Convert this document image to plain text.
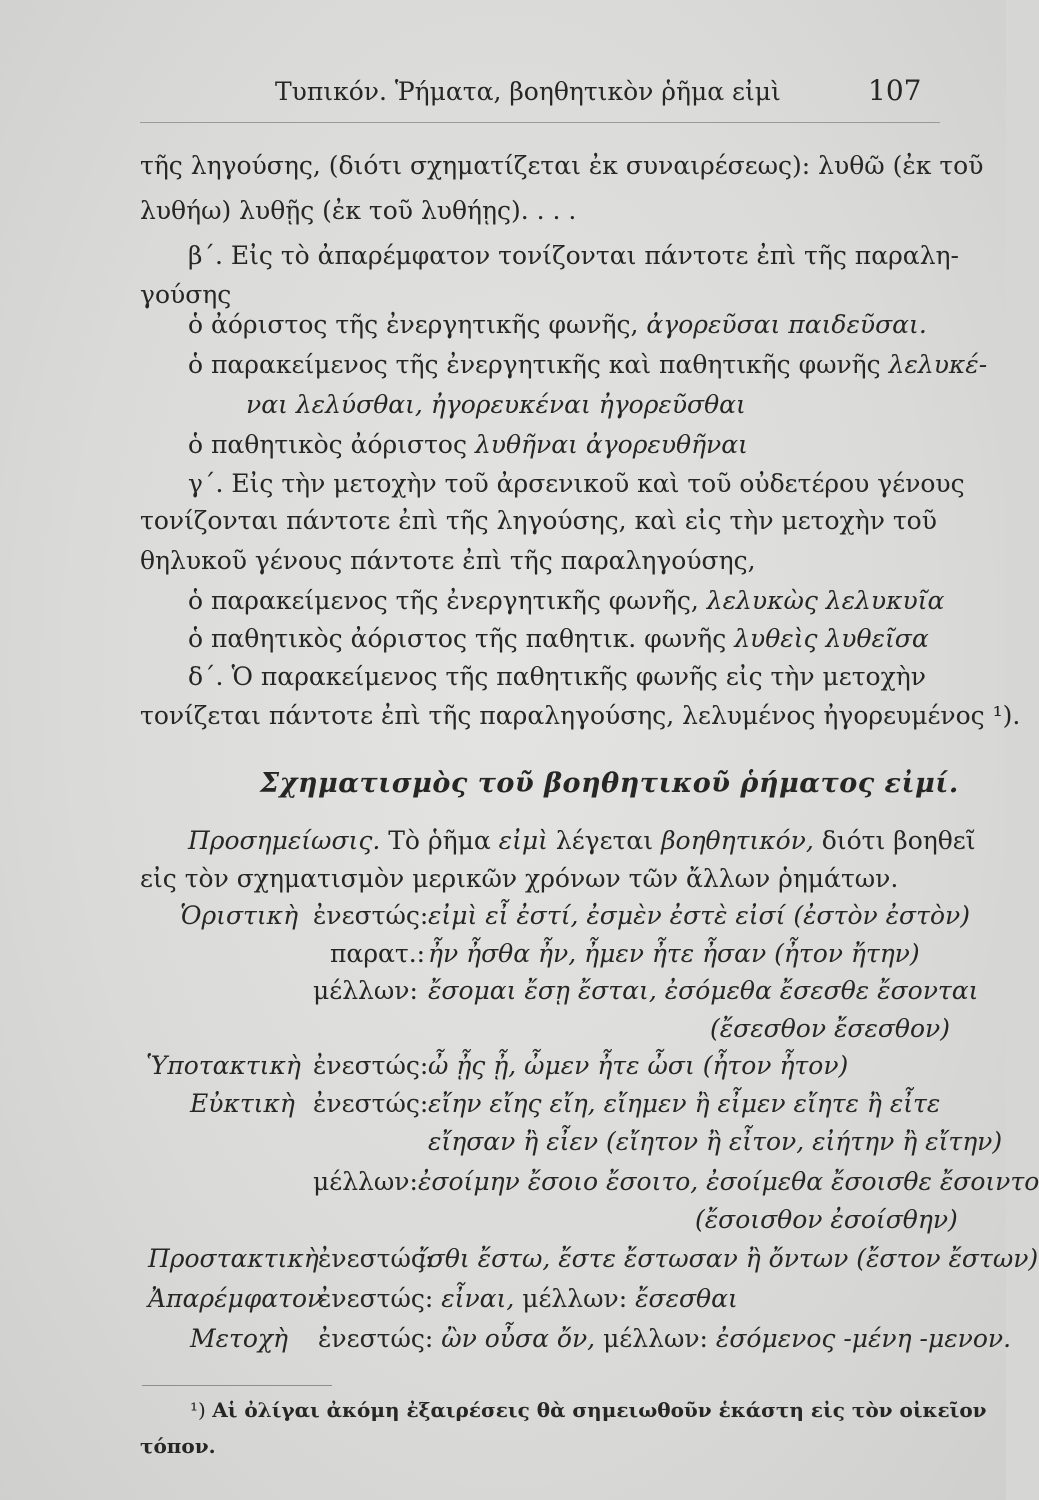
Τυπικόν. Ῥήματα, βοηθητικὸν ῥῆμα εἰμὶ	107
τῆς ληγούσης, (διότι σχηματίζεται ἐκ συναιρέσεως): λυθῶ (ἐκ τοῦ
λυθήω) λυθῇς (ἐκ τοῦ λυθήῃς). . . .
β΄. Εἰς τὸ ἀπαρέμφατον τονίζονται πάντοτε ἐπὶ τῆς παραλη-
γούσης
ὁ ἀόριστος τῆς ἐνεργητικῆς φωνῆς, ἀγορεῦσαι παιδεῦσαι.
ὁ παρακείμενος τῆς ἐνεργητικῆς καὶ παθητικῆς φωνῆς λελυκέ-
ναι λελύσθαι, ἠγορευκέναι ἠγορεῦσθαι
ὁ παθητικὸς ἀόριστος λυθῆναι ἀγορευθῆναι
γ΄. Εἰς τὴν μετοχὴν τοῦ ἀρσενικοῦ καὶ τοῦ οὐδετέρου γένους
τονίζονται πάντοτε ἐπὶ τῆς ληγούσης, καὶ εἰς τὴν μετοχὴν τοῦ
θηλυκοῦ γένους πάντοτε ἐπὶ τῆς παραληγούσης,
ὁ παρακείμενος τῆς ἐνεργητικῆς φωνῆς, λελυκὼς λελυκυῖα
ὁ παθητικὸς ἀόριστος τῆς παθητικ. φωνῆς λυθεὶς λυθεῖσα
δ΄. Ὁ παρακείμενος τῆς παθητικῆς φωνῆς εἰς τὴν μετοχὴν
τονίζεται πάντοτε ἐπὶ τῆς παραληγούσης, λελυμένος ἠγορευμένος ¹).
Σχηματισμὸς τοῦ βοηθητικοῦ ῥήματος εἰμί.
Προσημείωσις. Τὸ ῥῆμα εἰμὶ λέγεται βοηθητικόν, διότι βοηθεῖ
εἰς τὸν σχηματισμὸν μερικῶν χρόνων τῶν ἄλλων ῥημάτων.
Ὁριστικὴ ἐνεστώς: εἰμὶ εἶ ἐστί, ἐσμὲν ἐστὲ εἰσί (ἐστὸν ἐστὸν)
παρατ.: ἦν ἦσθα ἦν, ἦμεν ἦτε ἦσαν (ἦτον ἤτην)
μέλλων: ἔσομαι ἔσῃ ἔσται, ἐσόμεθα ἔσεσθε ἔσονται
(ἔσεσθον ἔσεσθον)
Ὑποτακτικὴ ἐνεστώς: ὦ ᾖς ᾖ, ὦμεν ἦτε ὦσι (ἦτον ἦτον)
Εὐκτικὴ ἐνεστώς: εἴην εἴης εἴη, εἴημεν ἢ εἶμεν εἴητε ἢ εἶτε
εἴησαν ἢ εἶεν (εἴητον ἢ εἶτον, εἰήτην ἢ εἴτην)
μέλλων: ἐσοίμην ἔσοιο ἔσοιτο, ἐσοίμεθα ἔσοισθε ἔσοιντο
(ἔσοισθον ἐσοίσθην)
Προστακτικὴ ἐνεστώς:
ἴσθι ἔστω, ἔστε ἔστωσαν ἢ ὄντων (ἔστον ἔστων)
Ἀπαρέμφατον
ἐνεστώς: εἶναι, μέλλων: ἔσεσθαι
Μετοχὴ ἐνεστώς: ὢν οὖσα ὄν, μέλλων: ἐσόμενος -μένη -μενον.
¹) Αἱ ὀλίγαι ἀκόμη ἐξαιρέσεις θὰ σημειωθοῦν ἑκάστη εἰς τὸν οἰκεῖον
τόπον.
